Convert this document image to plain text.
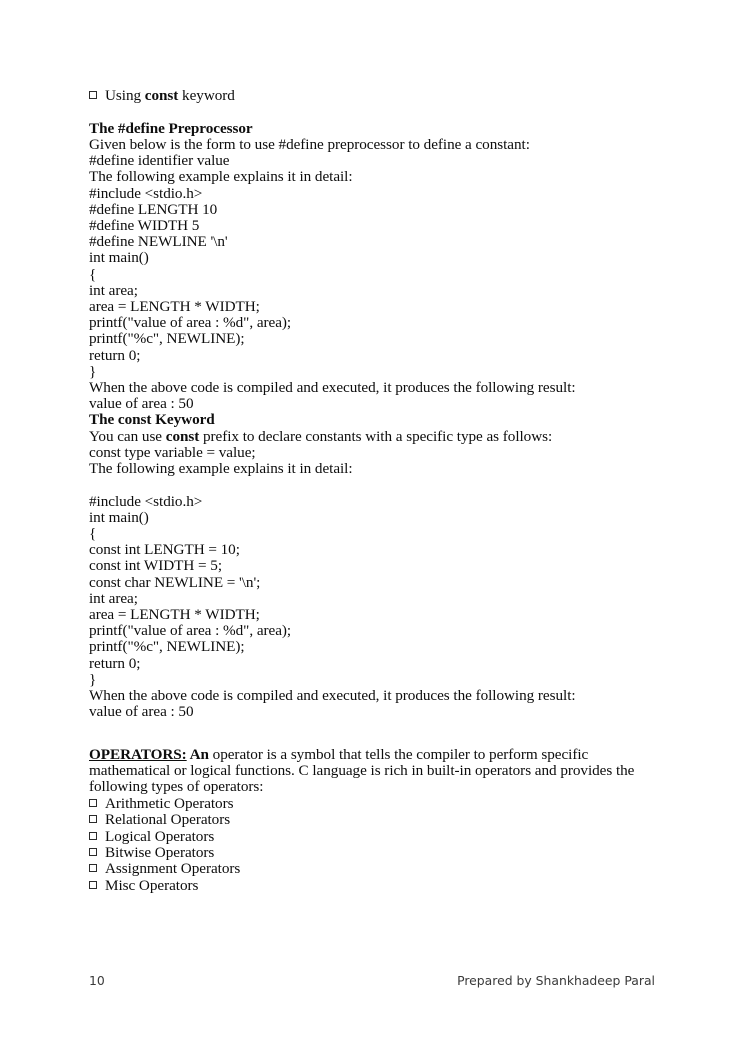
Using const keyword
The #define Preprocessor
Given below is the form to use #define preprocessor to define a constant:
#define identifier value
The following example explains it in detail:
#include <stdio.h>
#define LENGTH 10
#define WIDTH 5
#define NEWLINE '\n'
int main()
{
int area;
area = LENGTH * WIDTH;
printf("value of area : %d", area);
printf("%c", NEWLINE);
return 0;
}
When the above code is compiled and executed, it produces the following result:
value of area : 50
The const Keyword
You can use const prefix to declare constants with a specific type as follows:
const type variable = value;
The following example explains it in detail:
#include <stdio.h>
int main()
{
const int LENGTH = 10;
const int WIDTH = 5;
const char NEWLINE = '\n';
int area;
area = LENGTH * WIDTH;
printf("value of area : %d", area);
printf("%c", NEWLINE);
return 0;
}
When the above code is compiled and executed, it produces the following result:
value of area : 50
OPERATORS: An operator is a symbol that tells the compiler to perform specific mathematical or logical functions. C language is rich in built-in operators and provides the following types of operators:
Arithmetic Operators
Relational Operators
Logical Operators
Bitwise Operators
Assignment Operators
Misc Operators
10	Prepared by Shankhadeep Paral
